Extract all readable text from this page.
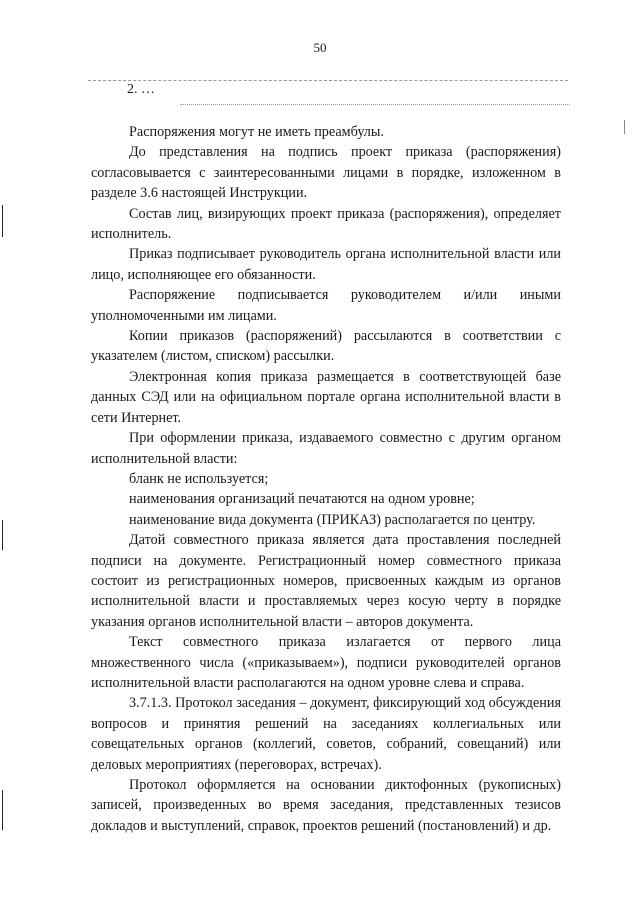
50
2. …

Распоряжения могут не иметь преамбулы.

До представления на подпись проект приказа (распоряжения) согласовывается с заинтересованными лицами в порядке, изложенном в разделе 3.6 настоящей Инструкции.

Состав лиц, визирующих проект приказа (распоряжения), определяет исполнитель.

Приказ подписывает руководитель органа исполнительной власти или лицо, исполняющее его обязанности.

Распоряжение подписывается руководителем и/или иными уполномоченными им лицами.

Копии приказов (распоряжений) рассылаются в соответствии с указателем (листом, списком) рассылки.

Электронная копия приказа размещается в соответствующей базе данных СЭД или на официальном портале органа исполнительной власти в сети Интернет.

При оформлении приказа, издаваемого совместно с другим органом исполнительной власти:

бланк не используется;

наименования организаций печатаются на одном уровне;

наименование вида документа (ПРИКАЗ) располагается по центру.

Датой совместного приказа является дата проставления последней подписи на документе. Регистрационный номер совместного приказа состоит из регистрационных номеров, присвоенных каждым из органов исполнительной власти и проставляемых через косую черту в порядке указания органов исполнительной власти – авторов документа.

Текст совместного приказа излагается от первого лица множественного числа («приказываем»), подписи руководителей органов исполнительной власти располагаются на одном уровне слева и справа.

3.7.1.3. Протокол заседания – документ, фиксирующий ход обсуждения вопросов и принятия решений на заседаниях коллегиальных или совещательных органов (коллегий, советов, собраний, совещаний) или деловых мероприятиях (переговорах, встречах).

Протокол оформляется на основании диктофонных (рукописных) записей, произведенных во время заседания, представленных тезисов докладов и выступлений, справок, проектов решений (постановлений) и др.
